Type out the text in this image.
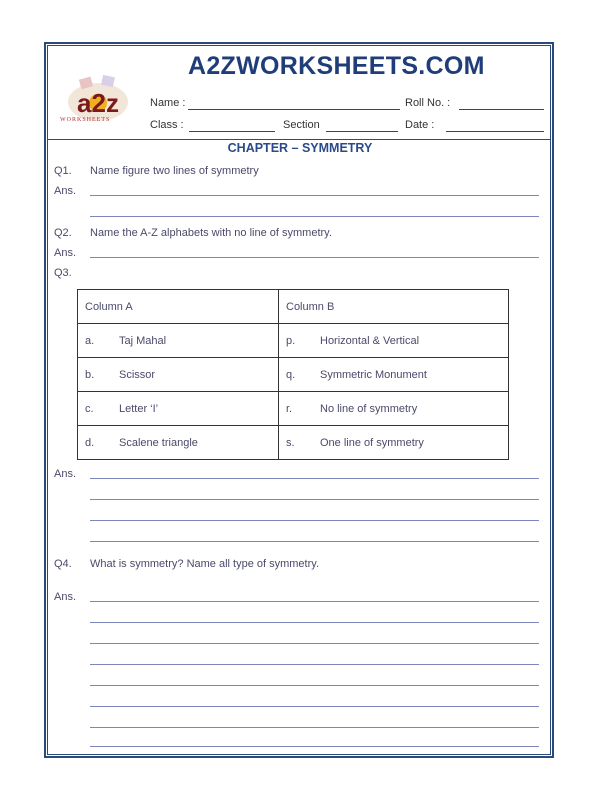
A2ZWORKSHEETS.COM
a2z
WORKSHEETS
Name :	Roll No. :
Class :	Section	Date :
CHAPTER – SYMMETRY
Q1. Name figure two lines of symmetry
Ans.
Q2. Name the A-Z alphabets with no line of symmetry.
Ans.
Q3.
Column A	Column B

a. Taj Mahal	p. Horizontal & Vertical

b. Scissor	q. Symmetric Monument

c. Letter ‘I’	r. No line of symmetry

d. Scalene triangle	s. One line of symmetry
Ans.
Q4. What is symmetry? Name all type of symmetry.
Ans.
